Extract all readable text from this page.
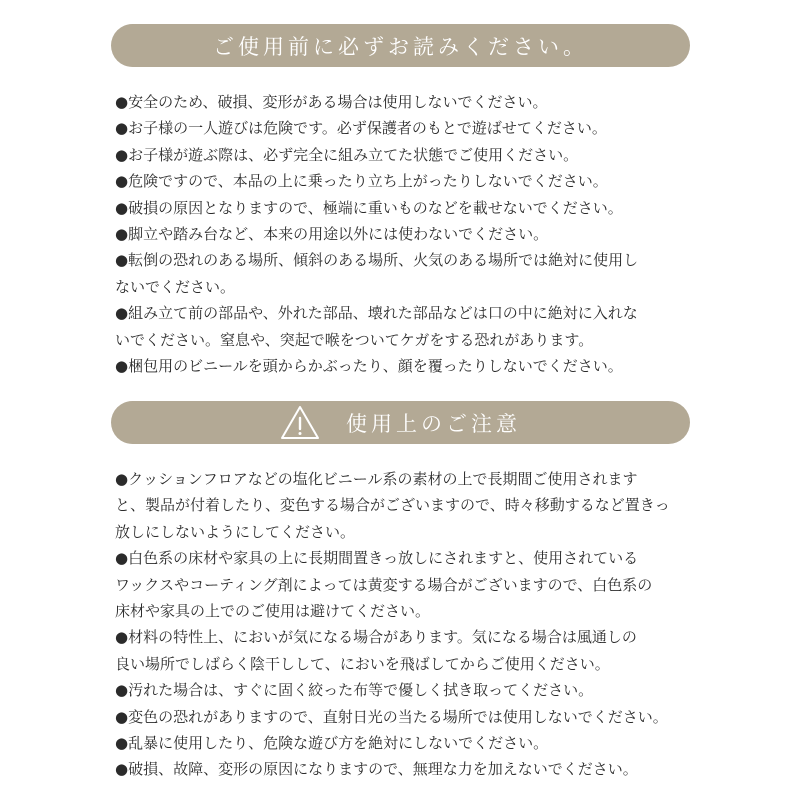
ご使用前に必ずお読みください。
●安全のため、破損、変形がある場合は使用しないでください。
●お子様の一人遊びは危険です。必ず保護者のもとで遊ばせてください。
●お子様が遊ぶ際は、必ず完全に組み立てた状態でご使用ください。
●危険ですので、本品の上に乗ったり立ち上がったりしないでください。
●破損の原因となりますので、極端に重いものなどを載せないでください。
●脚立や踏み台など、本来の用途以外には使わないでください。
●転倒の恐れのある場所、傾斜のある場所、火気のある場所では絶対に使用し
ないでください。
●組み立て前の部品や、外れた部品、壊れた部品などは口の中に絶対に入れな
いでください。窒息や、突起で喉をついてケガをする恐れがあります。
●梱包用のビニールを頭からかぶったり、顔を覆ったりしないでください。
使用上のご注意
●クッションフロアなどの塩化ビニール系の素材の上で長期間ご使用されます
と、製品が付着したり、変色する場合がございますので、時々移動するなど置きっ
放しにしないようにしてください。
●白色系の床材や家具の上に長期間置きっ放しにされますと、使用されている
ワックスやコーティング剤によっては黄変する場合がございますので、白色系の
床材や家具の上でのご使用は避けてください。
●材料の特性上、においが気になる場合があります。気になる場合は風通しの
良い場所でしばらく陰干しして、においを飛ばしてからご使用ください。
●汚れた場合は、すぐに固く絞った布等で優しく拭き取ってください。
●変色の恐れがありますので、直射日光の当たる場所では使用しないでください。
●乱暴に使用したり、危険な遊び方を絶対にしないでください。
●破損、故障、変形の原因になりますので、無理な力を加えないでください。
